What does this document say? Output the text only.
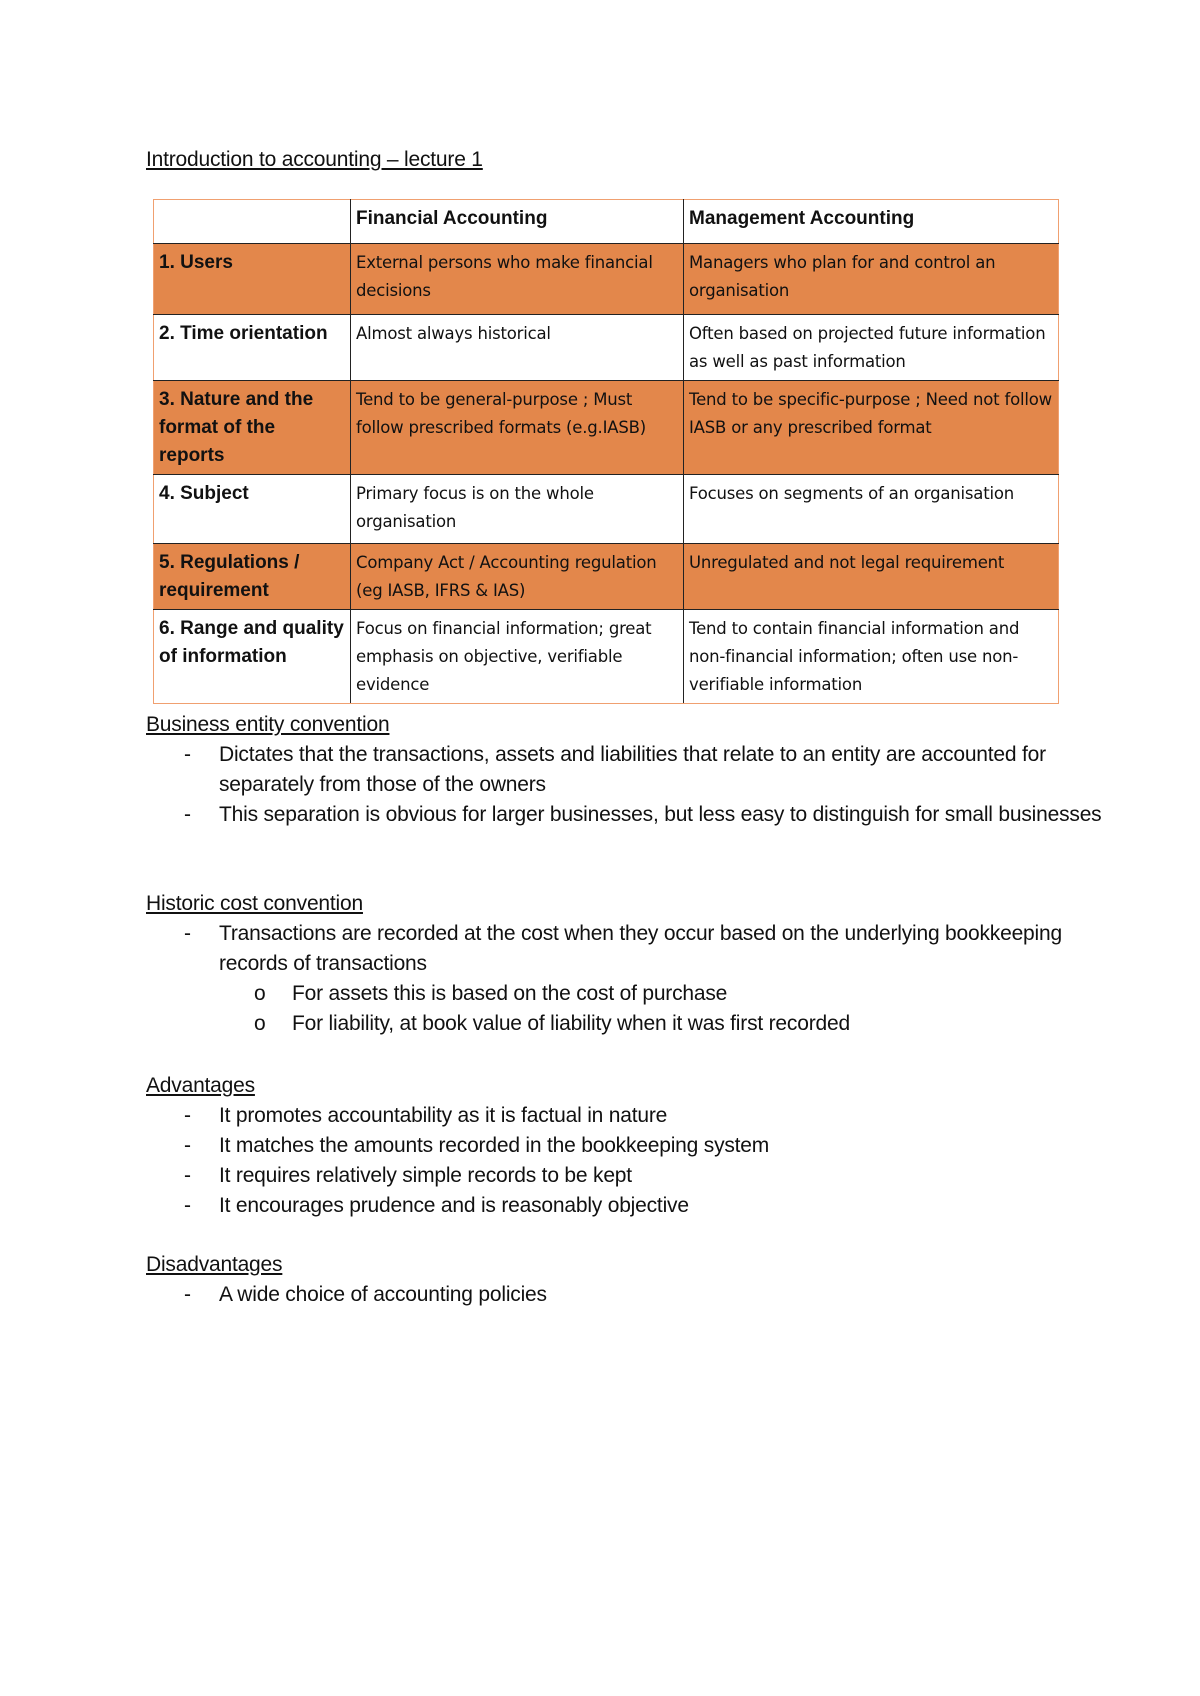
Introduction to accounting – lecture 1
	Financial Accounting	Management Accounting
1. Users	External persons who make financial decisions	Managers who plan for and control an organisation
2. Time orientation	Almost always historical	Often based on projected future information as well as past information
3. Nature and the format of the reports	Tend to be general-purpose ; Must follow prescribed formats (e.g.IASB)	Tend to be specific-purpose ; Need not follow IASB or any prescribed format
4. Subject	Primary focus is on the whole organisation	Focuses on segments of an organisation
5. Regulations / requirement	Company Act / Accounting regulation (eg IASB, IFRS & IAS)	Unregulated and not legal requirement
6. Range and quality of information	Focus on financial information; great emphasis on objective, verifiable evidence	Tend to contain financial information and non-financial information; often use non-verifiable information
Business entity convention
- Dictates that the transactions, assets and liabilities that relate to an entity are accounted for separately from those of the owners
- This separation is obvious for larger businesses, but less easy to distinguish for small businesses
Historic cost convention
- Transactions are recorded at the cost when they occur based on the underlying bookkeeping records of transactions
o For assets this is based on the cost of purchase
o For liability, at book value of liability when it was first recorded
Advantages
- It promotes accountability as it is factual in nature
- It matches the amounts recorded in the bookkeeping system
- It requires relatively simple records to be kept
- It encourages prudence and is reasonably objective
Disadvantages
- A wide choice of accounting policies
